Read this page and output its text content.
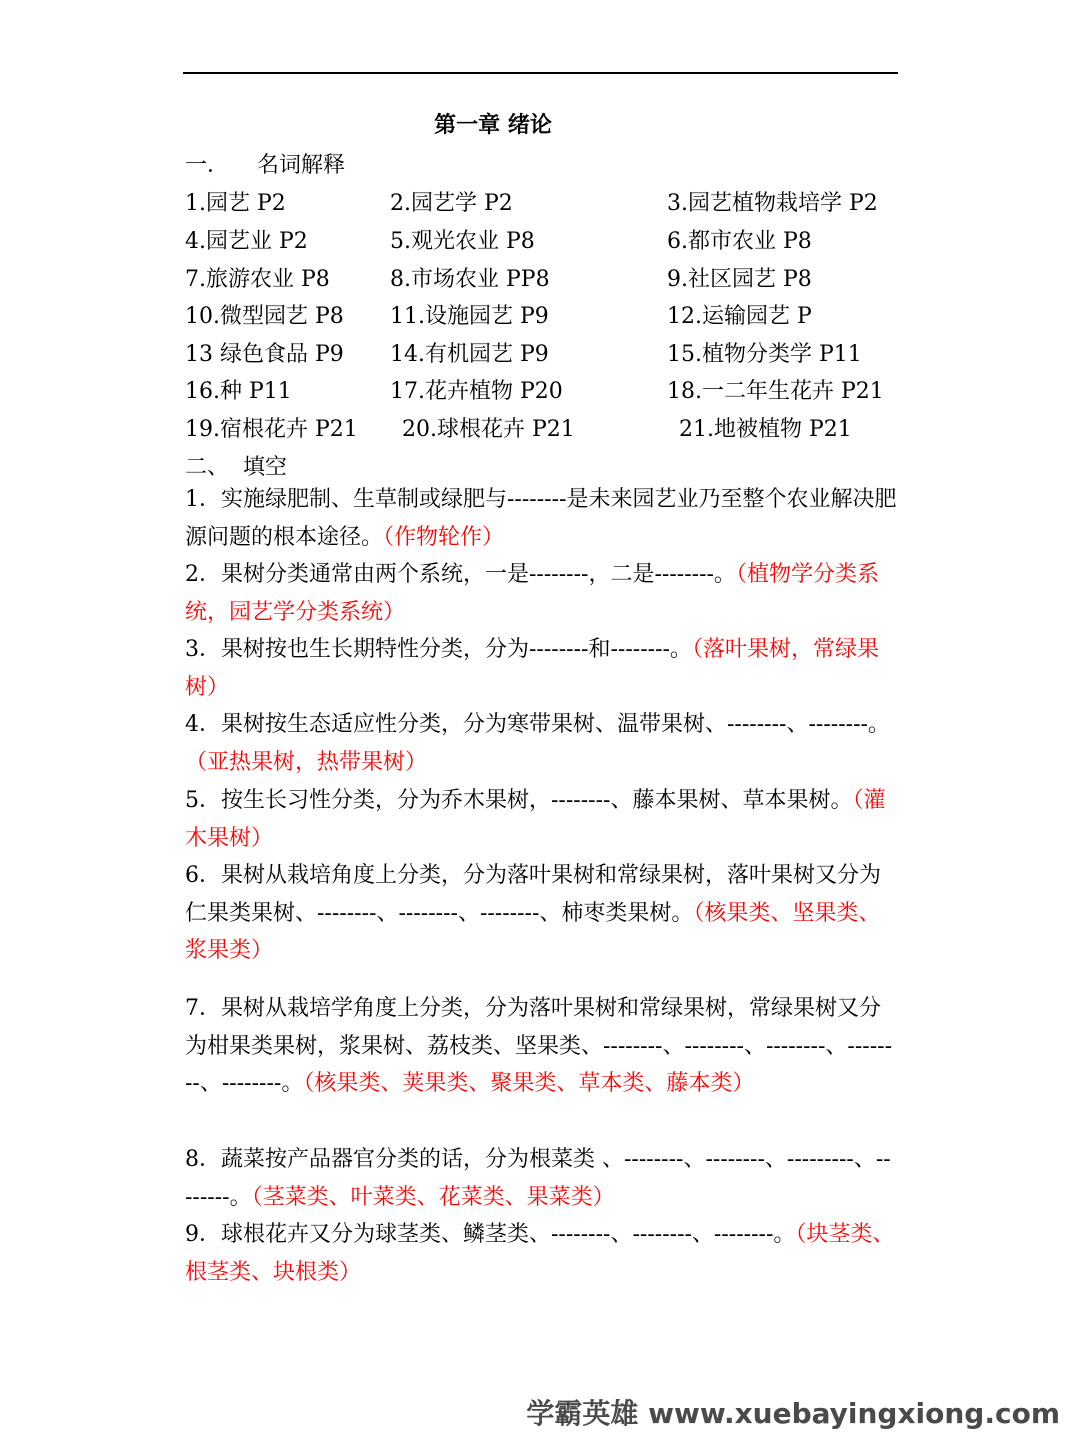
第一章 绪论
一． 名词解释
1.园艺 P2	2.园艺学 P2	3.园艺植物栽培学 P2
4.园艺业 P2	5.观光农业 P8	6.都市农业 P8
7.旅游农业 P8	8.市场农业 PP8	9.社区园艺 P8
10.微型园艺 P8 11.设施园艺 P9	12.运输园艺 P
13 绿色食品 P9 14.有机园艺 P9	15.植物分类学 P11
16.种 P11	17.花卉植物 P20	18.一二年生花卉 P21
19.宿根花卉 P21 20.球根花卉 P21	21.地被植物 P21
二、 填空
1．实施绿肥制、生草制或绿肥与--------是未来园艺业乃至整个农业解决肥源问题的根本途径。（作物轮作）
2．果树分类通常由两个系统，一是--------，二是--------。（植物学分类系统，园艺学分类系统）
3．果树按也生长期特性分类，分为--------和--------。（落叶果树，常绿果树）
4．果树按生态适应性分类，分为寒带果树、温带果树、--------、--------。（亚热果树，热带果树）
5．按生长习性分类，分为乔木果树，--------、藤本果树、草本果树。（灌木果树）
6．果树从栽培角度上分类，分为落叶果树和常绿果树，落叶果树又分为仁果类果树、--------、--------、--------、柿枣类果树。（核果类、坚果类、浆果类）
7．果树从栽培学角度上分类，分为落叶果树和常绿果树，常绿果树又分为柑果类果树，浆果树、荔枝类、坚果类、--------、--------、--------、--------、--------。（核果类、荚果类、聚果类、草本类、藤本类）
8．蔬菜按产品器官分类的话，分为根菜类 、--------、--------、---------、--------。（茎菜类、叶菜类、花菜类、果菜类）
9．球根花卉又分为球茎类、鳞茎类、--------、--------、--------。（块茎类、根茎类、块根类）
学霸英雄 www.xuebayingxiong.com
